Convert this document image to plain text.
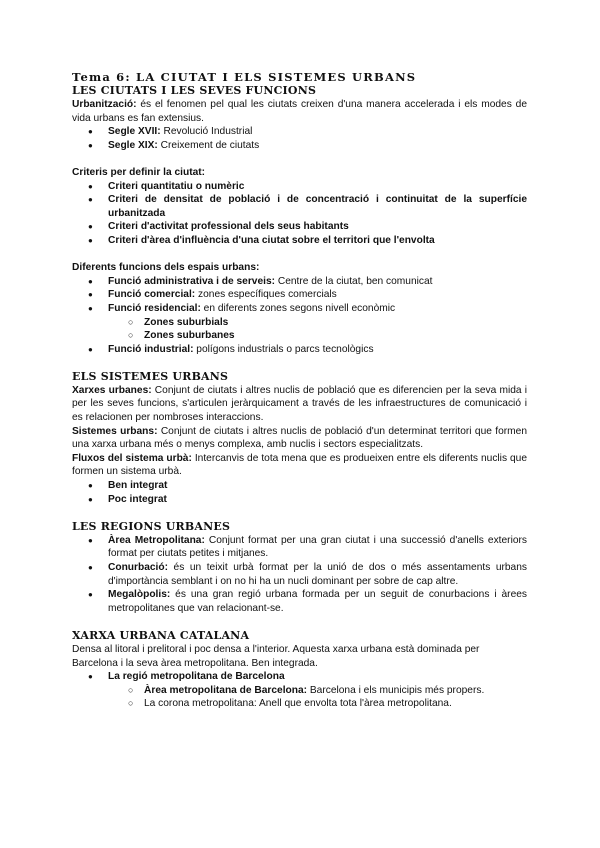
Tema 6: LA CIUTAT I ELS SISTEMES URBANS
LES CIUTATS I LES SEVES FUNCIONS

Urbanització: és el fenomen pel qual les ciutats creixen d'una manera accelerada i els modes de vida urbans es fan extensius.

● Segle XVII: Revolució Industrial
● Segle XIX: Creixement de ciutats

Criteris per definir la ciutat:

● Criteri quantitatiu o numèric
● Criteri de densitat de població i de concentració i continuitat de la superfície urbanitzada
● Criteri d'activitat professional dels seus habitants
● Criteri d'àrea d'influència d'una ciutat sobre el territori que l'envolta

Diferents funcions dels espais urbans:

● Funció administrativa i de serveis: Centre de la ciutat, ben comunicat
● Funció comercial: zones específiques comercials
● Funció residencial: en diferents zones segons nivell econòmic
○ Zones suburbials
○ Zones suburbanes
● Funció industrial: polígons industrials o parcs tecnològics
ELS SISTEMES URBANS

Xarxes urbanes: Conjunt de ciutats i altres nuclis de població que es diferencien per la seva mida i per les seves funcions, s'articulen jeràrquicament a través de les infraestructures de comunicació i es relacionen per nombroses interaccions.

Sistemes urbans: Conjunt de ciutats i altres nuclis de població d'un determinat territori que formen una xarxa urbana més o menys complexa, amb nuclis i sectors especialitzats.

Fluxos del sistema urbà: Intercanvis de tota mena que es produeixen entre els diferents nuclis que formen un sistema urbà.

● Ben integrat
● Poc integrat
LES REGIONS URBANES
● Àrea Metropolitana: Conjunt format per una gran ciutat i una successió d'anells exteriors format per ciutats petites i mitjanes.
● Conurbació: és un teixit urbà format per la unió de dos o més assentaments urbans d'importància semblant i on no hi ha un nucli dominant per sobre de cap altre.
● Megalòpolis: és una gran regió urbana formada per un seguit de conurbacions i àrees metropolitanes que van relacionant-se.
XARXA URBANA CATALANA

Densa al litoral i prelitoral i poc densa a l'interior. Aquesta xarxa urbana està dominada per Barcelona i la seva àrea metropolitana. Ben integrada.

● La regió metropolitana de Barcelona
○ Àrea metropolitana de Barcelona: Barcelona i els municipis més propers.
○ La corona metropolitana: Anell que envolta tota l'àrea metropolitana.
